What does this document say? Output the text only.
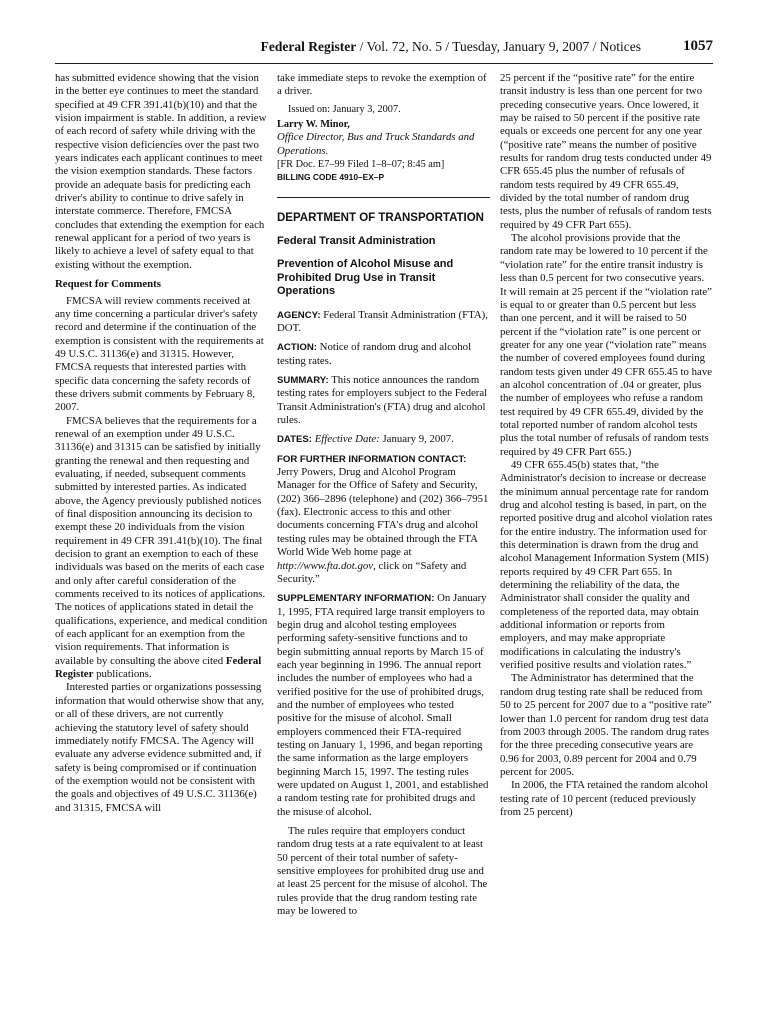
Federal Register / Vol. 72, No. 5 / Tuesday, January 9, 2007 / Notices	1057

has submitted evidence showing that the vision in the better eye continues to meet the standard specified at 49 CFR 391.41(b)(10) and that the vision impairment is stable. In addition, a review of each record of safety while driving with the respective vision deficiencies over the past two years indicates each applicant continues to meet the vision exemption standards. These factors provide an adequate basis for predicting each driver's ability to continue to drive safely in interstate commerce. Therefore, FMCSA concludes that extending the exemption for each renewal applicant for a period of two years is likely to achieve a level of safety equal to that existing without the exemption.

Request for Comments

FMCSA will review comments received at any time concerning a particular driver's safety record and determine if the continuation of the exemption is consistent with the requirements at 49 U.S.C. 31136(e) and 31315. However, FMCSA requests that interested parties with specific data concerning the safety records of these drivers submit comments by February 8, 2007.

FMCSA believes that the requirements for a renewal of an exemption under 49 U.S.C. 31136(e) and 31315 can be satisfied by initially granting the renewal and then requesting and evaluating, if needed, subsequent comments submitted by interested parties. As indicated above, the Agency previously published notices of final disposition announcing its decision to exempt these 20 individuals from the vision requirement in 49 CFR 391.41(b)(10). The final decision to grant an exemption to each of these individuals was based on the merits of each case and only after careful consideration of the comments received to its notices of applications. The notices of applications stated in detail the qualifications, experience, and medical condition of each applicant for an exemption from the vision requirements. That information is available by consulting the above cited Federal Register publications.

Interested parties or organizations possessing information that would otherwise show that any, or all of these drivers, are not currently achieving the statutory level of safety should immediately notify FMCSA. The Agency will evaluate any adverse evidence submitted and, if safety is being compromised or if continuation of the exemption would not be consistent with the goals and objectives of 49 U.S.C. 31136(e) and 31315, FMCSA will

take immediate steps to revoke the exemption of a driver.

Issued on: January 3, 2007.

Larry W. Minor,

Office Director, Bus and Truck Standards and Operations.

[FR Doc. E7–99 Filed 1–8–07; 8:45 am]

BILLING CODE 4910–EX–P

DEPARTMENT OF TRANSPORTATION

Federal Transit Administration

Prevention of Alcohol Misuse and Prohibited Drug Use in Transit Operations

AGENCY: Federal Transit Administration (FTA), DOT.

ACTION: Notice of random drug and alcohol testing rates.

SUMMARY: This notice announces the random testing rates for employers subject to the Federal Transit Administration's (FTA) drug and alcohol rules.

DATES: Effective Date: January 9, 2007.

FOR FURTHER INFORMATION CONTACT: Jerry Powers, Drug and Alcohol Program Manager for the Office of Safety and Security, (202) 366–2896 (telephone) and (202) 366–7951 (fax). Electronic access to this and other documents concerning FTA's drug and alcohol testing rules may be obtained through the FTA World Wide Web home page at http://www.fta.dot.gov, click on “Safety and Security.”

SUPPLEMENTARY INFORMATION: On January 1, 1995, FTA required large transit employers to begin drug and alcohol testing employees performing safety-sensitive functions and to begin submitting annual reports by March 15 of each year beginning in 1996. The annual report includes the number of employees who had a verified positive for the use of prohibited drugs, and the number of employees who tested positive for the misuse of alcohol. Small employers commenced their FTA-required testing on January 1, 1996, and began reporting the same information as the large employers beginning March 15, 1997. The testing rules were updated on August 1, 2001, and established a random testing rate for prohibited drugs and the misuse of alcohol.

The rules require that employers conduct random drug tests at a rate equivalent to at least 50 percent of their total number of safety-sensitive employees for prohibited drug use and at least 25 percent for the misuse of alcohol. The rules provide that the drug random testing rate may be lowered to

25 percent if the “positive rate” for the entire transit industry is less than one percent for two preceding consecutive years. Once lowered, it may be raised to 50 percent if the positive rate equals or exceeds one percent for any one year (“positive rate” means the number of positive results for random drug tests conducted under 49 CFR 655.45 plus the number of refusals of random tests required by 49 CFR 655.49, divided by the total number of random drug tests, plus the number of refusals of random tests required by 49 CFR Part 655).

The alcohol provisions provide that the random rate may be lowered to 10 percent if the “violation rate” for the entire transit industry is less than 0.5 percent for two consecutive years. It will remain at 25 percent if the “violation rate” is equal to or greater than 0.5 percent but less than one percent, and it will be raised to 50 percent if the “violation rate” is one percent or greater for any one year (“violation rate” means the number of covered employees found during random tests given under 49 CFR 655.45 to have an alcohol concentration of .04 or greater, plus the number of employees who refuse a random test required by 49 CFR 655.49, divided by the total reported number of random alcohol tests plus the total number of refusals of random tests required by 49 CFR Part 655.)

49 CFR 655.45(b) states that, “the Administrator's decision to increase or decrease the minimum annual percentage rate for random drug and alcohol testing is based, in part, on the reported positive drug and alcohol violation rates for the entire industry. The information used for this determination is drawn from the drug and alcohol Management Information System (MIS) reports required by 49 CFR Part 655. In determining the reliability of the data, the Administrator shall consider the quality and completeness of the reported data, may obtain additional information or reports from employers, and may make appropriate modifications in calculating the industry's verified positive results and violation rates.”

The Administrator has determined that the random drug testing rate shall be reduced from 50 to 25 percent for 2007 due to a “positive rate” lower than 1.0 percent for random drug test data from 2003 through 2005. The random drug rates for the three preceding consecutive years are 0.96 for 2003, 0.89 percent for 2004 and 0.79 percent for 2005.

In 2006, the FTA retained the random alcohol testing rate of 10 percent (reduced previously from 25 percent)
